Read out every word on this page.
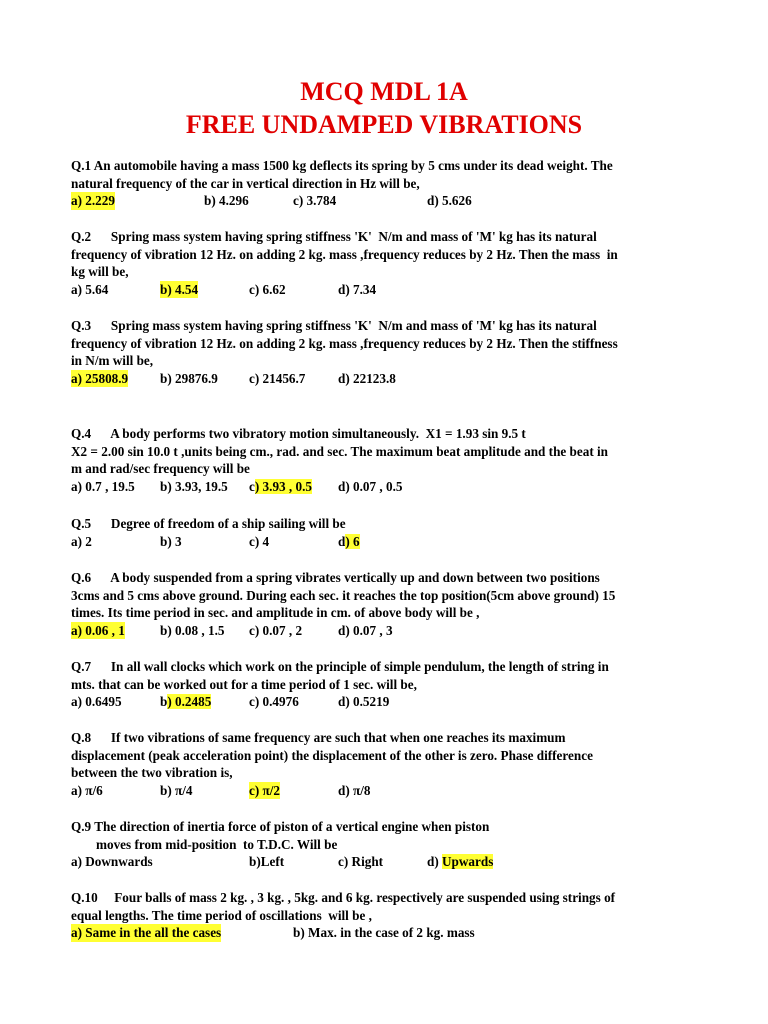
MCQ MDL 1A
FREE UNDAMPED VIBRATIONS

Q.1 An automobile having a mass 1500 kg deflects its spring by 5 cms under its dead weight. The

natural frequency of the car in vertical direction in Hz will be,

a) 2.229	b) 4.296	c) 3.784	d) 5.626

Q.2      Spring mass system having spring stiffness 'K'  N/m and mass of 'M' kg has its natural

frequency of vibration 12 Hz. on adding 2 kg. mass ,frequency reduces by 2 Hz. Then the mass  in

kg will be,

a) 5.64	b) 4.54	c) 6.62	d) 7.34

Q.3      Spring mass system having spring stiffness 'K'  N/m and mass of 'M' kg has its natural

frequency of vibration 12 Hz. on adding 2 kg. mass ,frequency reduces by 2 Hz. Then the stiffness

in N/m will be,

a) 25808.9 b) 29876.9 c) 21456.7 d) 22123.8

Q.4      A body performs two vibratory motion simultaneously.  X1 = 1.93 sin 9.5 t

X2 = 2.00 sin 10.0 t ,units being cm., rad. and sec. The maximum beat amplitude and the beat in

m and rad/sec frequency will be

a) 0.7 , 19.5 b) 3.93, 19.5 c) 3.93 , 0.5 d) 0.07 , 0.5

Q.5      Degree of freedom of a ship sailing will be

a) 2	b) 3	c) 4	d) 6

Q.6      A body suspended from a spring vibrates vertically up and down between two positions

3cms and 5 cms above ground. During each sec. it reaches the top position(5cm above ground) 15

times. Its time period in sec. and amplitude in cm. of above body will be ,

a) 0.06 , 1	b) 0.08 , 1.5 c) 0.07 , 2	d) 0.07 , 3

Q.7      In all wall clocks which work on the principle of simple pendulum, the length of string in

mts. that can be worked out for a time period of 1 sec. will be,

a) 0.6495	b) 0.2485	c) 0.4976	d) 0.5219

Q.8      If two vibrations of same frequency are such that when one reaches its maximum

displacement (peak acceleration point) the displacement of the other is zero. Phase difference

between the two vibration is,

a) π/6	b) π/4	c) π/2	d) π/8

Q.9 The direction of inertia force of piston of a vertical engine when piston

moves from mid-position  to T.D.C. Will be

a) Downwards	b)Left	c) Right	d) Upwards

Q.10     Four balls of mass 2 kg. , 3 kg. , 5kg. and 6 kg. respectively are suspended using strings of

equal lengths. The time period of oscillations  will be ,

a) Same in the all the cases	b) Max. in the case of 2 kg. mass
